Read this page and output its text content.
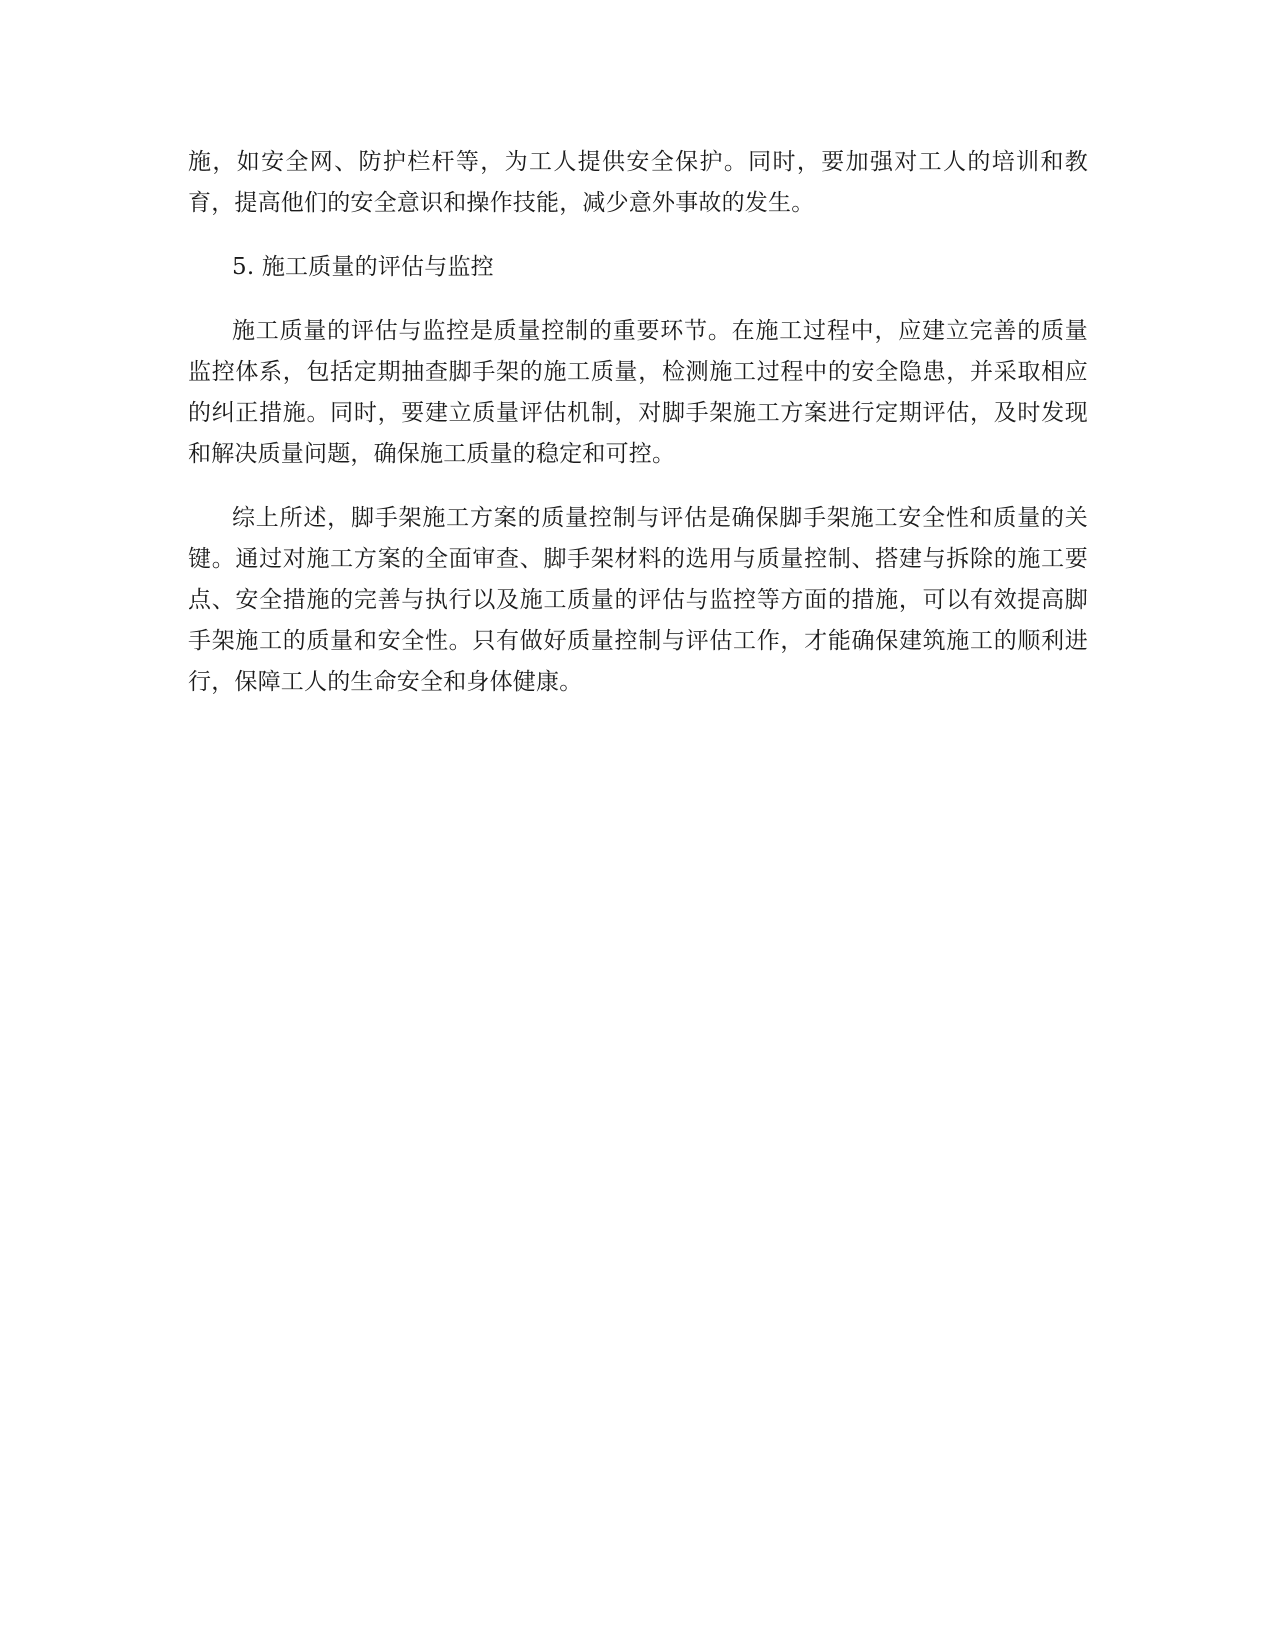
施，如安全网、防护栏杆等，为工人提供安全保护。同时，要加强对工人的培训和教育，提高他们的安全意识和操作技能，减少意外事故的发生。

5. 施工质量的评估与监控

施工质量的评估与监控是质量控制的重要环节。在施工过程中，应建立完善的质量监控体系，包括定期抽查脚手架的施工质量，检测施工过程中的安全隐患，并采取相应的纠正措施。同时，要建立质量评估机制，对脚手架施工方案进行定期评估，及时发现和解决质量问题，确保施工质量的稳定和可控。

综上所述，脚手架施工方案的质量控制与评估是确保脚手架施工安全性和质量的关键。通过对施工方案的全面审查、脚手架材料的选用与质量控制、搭建与拆除的施工要点、安全措施的完善与执行以及施工质量的评估与监控等方面的措施，可以有效提高脚手架施工的质量和安全性。只有做好质量控制与评估工作，才能确保建筑施工的顺利进行，保障工人的生命安全和身体健康。
